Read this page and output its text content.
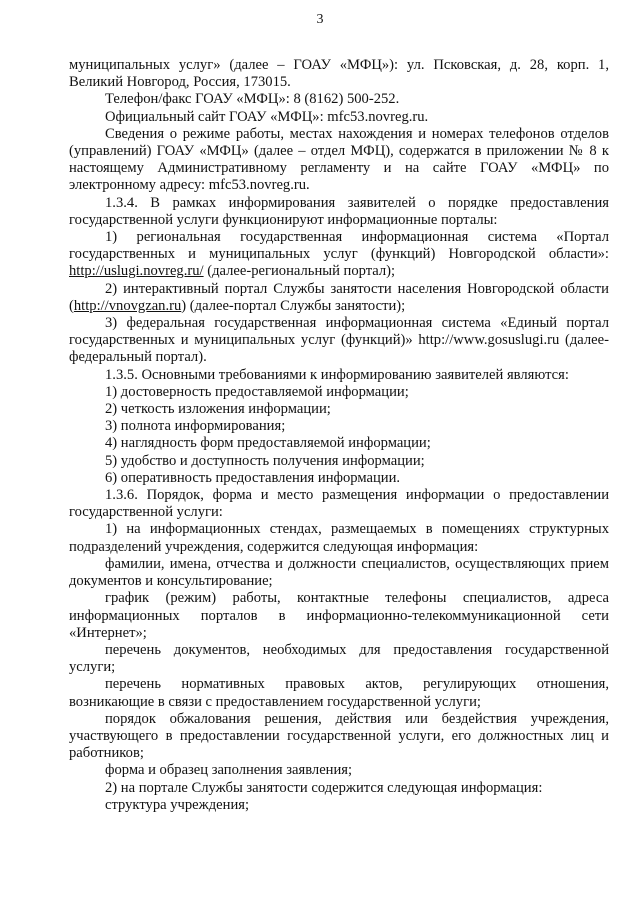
3

муниципальных услуг» (далее – ГОАУ «МФЦ»): ул. Псковская, д. 28, корп. 1, Великий Новгород, Россия, 173015.

Телефон/факс ГОАУ «МФЦ»: 8 (8162) 500-252.

Официальный сайт ГОАУ «МФЦ»: mfc53.novreg.ru.

Сведения о режиме работы, местах нахождения и номерах телефонов отделов (управлений) ГОАУ «МФЦ» (далее – отдел МФЦ), содержатся в приложении № 8 к настоящему Административному регламенту и на сайте ГОАУ «МФЦ» по электронному адресу: mfc53.novreg.ru.

1.3.4. В рамках информирования заявителей о порядке предоставления государственной услуги функционируют информационные порталы:

1) региональная государственная информационная система «Портал государственных и муниципальных услуг (функций) Новгородской области»: http://uslugi.novreg.ru/ (далее-региональный портал);

2) интерактивный портал Службы занятости населения Новгородской области (http://vnovgzan.ru) (далее-портал Службы занятости);

3) федеральная государственная информационная система «Единый портал государственных и муниципальных услуг (функций)» http://www.gosuslugi.ru (далее-федеральный портал).

1.3.5. Основными требованиями к информированию заявителей являются:

1) достоверность предоставляемой информации;

2) четкость изложения информации;

3) полнота информирования;

4) наглядность форм предоставляемой информации;

5) удобство и доступность получения информации;

6) оперативность предоставления информации.

1.3.6. Порядок, форма и место размещения информации о предоставлении государственной услуги:

1) на информационных стендах, размещаемых в помещениях структурных подразделений учреждения, содержится следующая информация:

фамилии, имена, отчества и должности специалистов, осуществляющих прием документов и консультирование;

график (режим) работы, контактные телефоны специалистов, адреса информационных порталов в информационно-телекоммуникационной сети «Интернет»;

перечень документов, необходимых для предоставления государственной услуги;

перечень нормативных правовых актов, регулирующих отношения, возникающие в связи с предоставлением государственной услуги;

порядок обжалования решения, действия или бездействия учреждения, участвующего в предоставлении государственной услуги, его должностных лиц и работников;

форма и образец заполнения заявления;

2) на портале Службы занятости содержится следующая информация:

структура учреждения;
